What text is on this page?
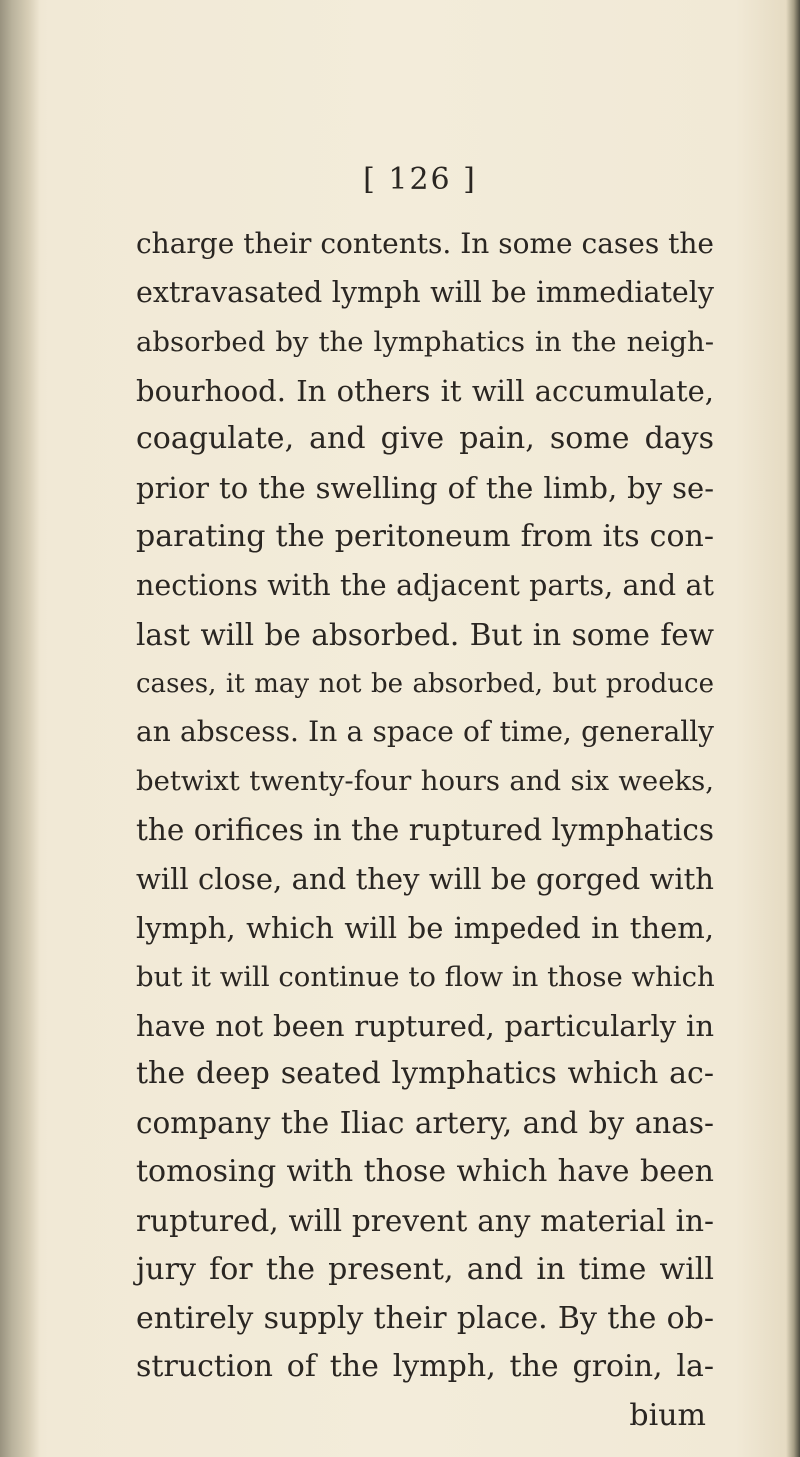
[ 126 ]
charge their contents. In some cases the
extravasated lymph will be immediately
absorbed by the lymphatics in the neigh-
bourhood. In others it will accumulate,
coagulate, and give pain, some days
prior to the swelling of the limb, by se-
parating the peritoneum from its con-
nections with the adjacent parts, and at
last will be absorbed. But in some few
cases, it may not be absorbed, but produce
an abscess. In a space of time, generally
betwixt twenty-four hours and six weeks,
the orifices in the ruptured lymphatics
will close, and they will be gorged with
lymph, which will be impeded in them,
but it will continue to flow in those which
have not been ruptured, particularly in
the deep seated lymphatics which ac-
company the Iliac artery, and by anas-
tomosing with those which have been
ruptured, will prevent any material in-
jury for the present, and in time will
entirely supply their place. By the ob-
struction of the lymph, the groin, la-
bium
